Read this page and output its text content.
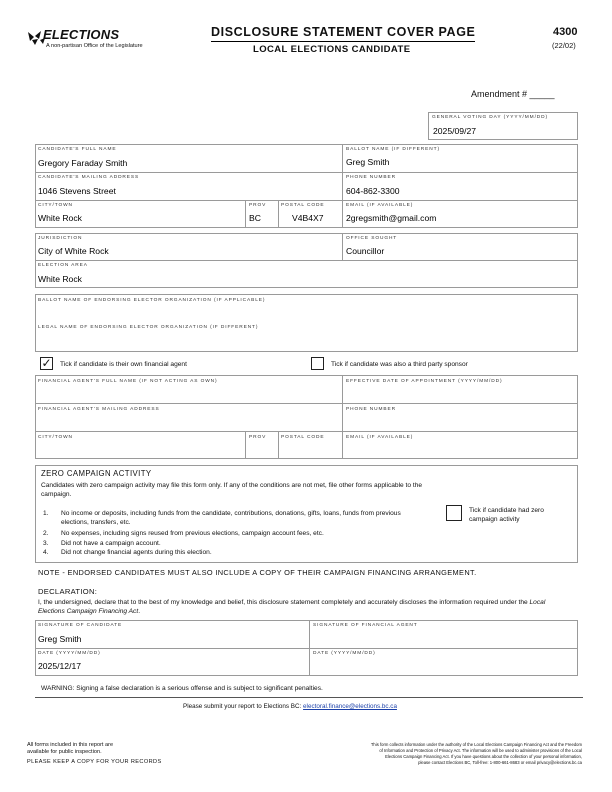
ELECTIONS
A non-partisan Office of the Legislature
DISCLOSURE STATEMENT COVER PAGE
LOCAL ELECTIONS CANDIDATE
4300
(22/02)
Amendment # _____
GENERAL VOTING DAY (YYYY/MM/DD)
2025/09/27
CANDIDATE'S FULL NAME
Gregory Faraday Smith
BALLOT NAME (IF DIFFERENT)
Greg Smith
CANDIDATE'S MAILING ADDRESS
1046 Stevens Street
PHONE NUMBER
604-862-3300
CITY/TOWN
White Rock
PROV
BC
POSTAL CODE
V4B4X7
EMAIL (IF AVAILABLE)
2gregsmith@gmail.com
JURISDICTION
City of White Rock
OFFICE SOUGHT
Councillor
ELECTION AREA
White Rock
BALLOT NAME OF ENDORSING ELECTOR ORGANIZATION (IF APPLICABLE)
LEGAL NAME OF ENDORSING ELECTOR ORGANIZATION (IF DIFFERENT)
✓ Tick if candidate is their own financial agent	Tick if candidate was also a third party sponsor
FINANCIAL AGENT'S FULL NAME (IF NOT ACTING AS OWN)	EFFECTIVE DATE OF APPOINTMENT (YYYY/MM/DD)
FINANCIAL AGENT'S MAILING ADDRESS	PHONE NUMBER
CITY/TOWN	PROV	POSTAL CODE	EMAIL (IF AVAILABLE)
ZERO CAMPAIGN ACTIVITY
Candidates with zero campaign activity may file this form only. If any of the conditions are not met, file other forms applicable to the campaign.
1. No income or deposits, including funds from the candidate, contributions, donations, gifts, loans, funds from previous elections, transfers, etc.
2. No expenses, including signs reused from previous elections, campaign account fees, etc.
3. Did not have a campaign account.
4. Did not change financial agents during this election.
Tick if candidate had zero campaign activity
NOTE - ENDORSED CANDIDATES MUST ALSO INCLUDE A COPY OF THEIR CAMPAIGN FINANCING ARRANGEMENT.
DECLARATION:
I, the undersigned, declare that to the best of my knowledge and belief, this disclosure statement completely and accurately discloses the information required under the Local Elections Campaign Financing Act.
SIGNATURE OF CANDIDATE
Greg Smith
SIGNATURE OF FINANCIAL AGENT
DATE (YYYY/MM/DD)
2025/12/17
DATE (YYYY/MM/DD)
WARNING: Signing a false declaration is a serious offense and is subject to significant penalties.
Please submit your report to Elections BC: electoral.finance@elections.bc.ca
All forms included in this report are
available for public inspection.
PLEASE KEEP A COPY FOR YOUR RECORDS
This form collects information under the authority of the Local Elections Campaign Financing Act and the Freedom
of Information and Protection of Privacy Act. The information will be used to administer provisions of the Local
Elections Campaign Financing Act. If you have questions about the collection of your personal information,
please contact Elections BC, Toll-free: 1-800-661-8683 or email privacy@elections.bc.ca
